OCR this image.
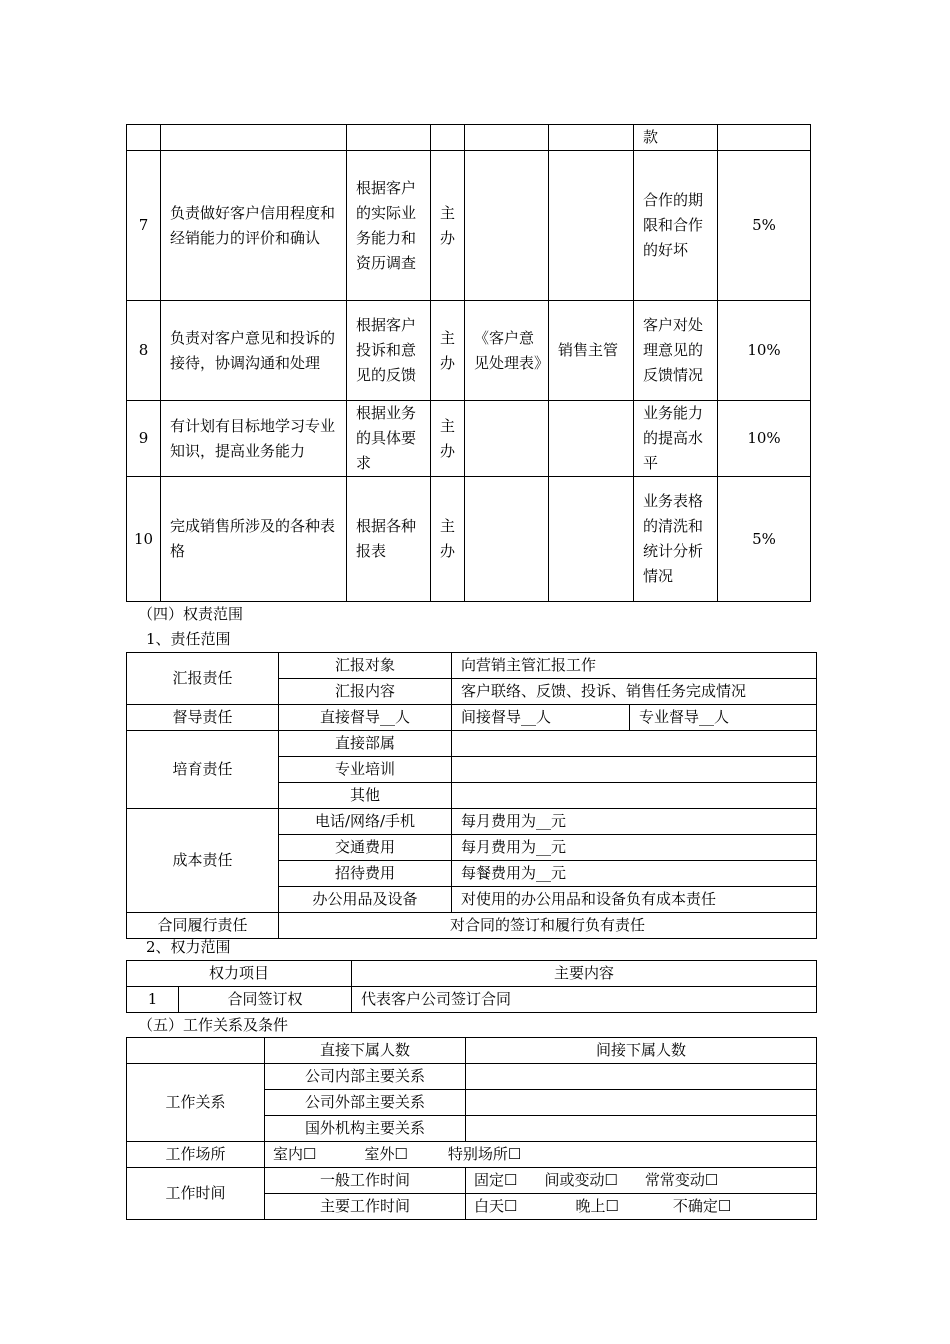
						款	
7	负责做好客户信用程度和经销能力的评价和确认	根据客户的实际业务能力和资历调查	主办			合作的期限和合作的好坏	5%
8	负责对客户意见和投诉的接待，协调沟通和处理	根据客户投诉和意见的反馈	主办	《客户意见处理表》	销售主管	客户对处理意见的反馈情况	10%
9	有计划有目标地学习专业知识，提高业务能力	根据业务的具体要求	主办			业务能力的提高水平	10%
10	完成销售所涉及的各种表格	根据各种报表	主办			业务表格的清洗和统计分析情况	5%
（四）权责范围
1、责任范围
汇报责任	汇报对象	向营销主管汇报工作	
	汇报内容	客户联络、反馈、投诉、销售任务完成情况	
督导责任	直接督导__人	间接督导__人	专业督导__人
培育责任	直接部属		
	专业培训		
	其他		
成本责任	电话/网络/手机	每月费用为__元	
	交通费用	每月费用为__元	
	招待费用	每餐费用为__元	
	办公用品及设备	对使用的办公用品和设备负有成本责任	
合同履行责任	对合同的签订和履行负有责任		
2、权力范围
权力项目		主要内容
1	合同签订权	代表客户公司签订合同
（五）工作关系及条件
	直接下属人数	间接下属人数
工作关系	公司内部主要关系	
	公司外部主要关系	
	国外机构主要关系	
工作场所	室内☐ 室外☐ 特别场所☐	
工作时间	一般工作时间	固定☐ 间或变动☐ 常常变动☐
	主要工作时间	白天☐ 晚上☐ 不确定☐
